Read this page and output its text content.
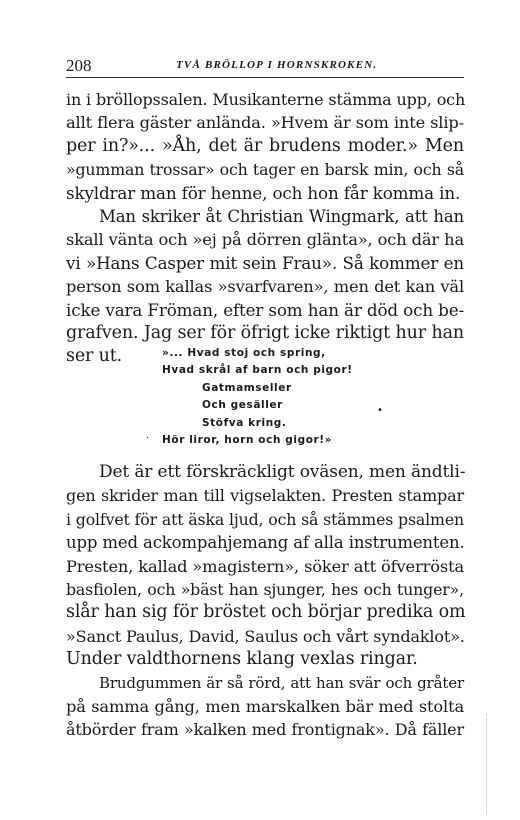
208	TVÅ BRÖLLOP I HORNSKROKEN.
in i bröllopssalen. Musikanterne stämma upp, och
allt flera gäster anlända. »Hvem är som inte slip-
per in?»... »Åh, det är brudens moder.» Men
»gumman trossar» och tager en barsk min, och så
skyldrar man för henne, och hon får komma in.
Man skriker åt Christian Wingmark, att han
skall vänta och »ej på dörren glänta», och där ha
vi »Hans Casper mit sein Frau». Så kommer en
person som kallas »svarfvaren», men det kan väl
icke vara Fröman, efter som han är död och be-
grafven. Jag ser för öfrigt icke riktigt hur han
ser ut.	»... Hvad stoj och spring,
Hvad skrål af barn och pigor!
Gatmamseller
Och gesäller
Stöfva kring.
Hör liror, horn och gigor!»
.
•
Det är ett förskräckligt oväsen, men ändtli-
gen skrider man till vigselakten. Presten stampar
i golfvet för att äska ljud, och så stämmes psalmen
upp med ackompahjemang af alla instrumenten.
Presten, kallad »magistern», söker att öfverrösta
basfiolen, och »bäst han sjunger, hes och tunger»,
slår han sig för bröstet och börjar predika om
»Sanct Paulus, David, Saulus och vårt syndaklot».
Under valdthornens klang vexlas ringar.
Brudgummen är så rörd, att han svär och gråter
på samma gång, men marskalken bär med stolta
åtbörder fram »kalken med frontignak». Då fäller
